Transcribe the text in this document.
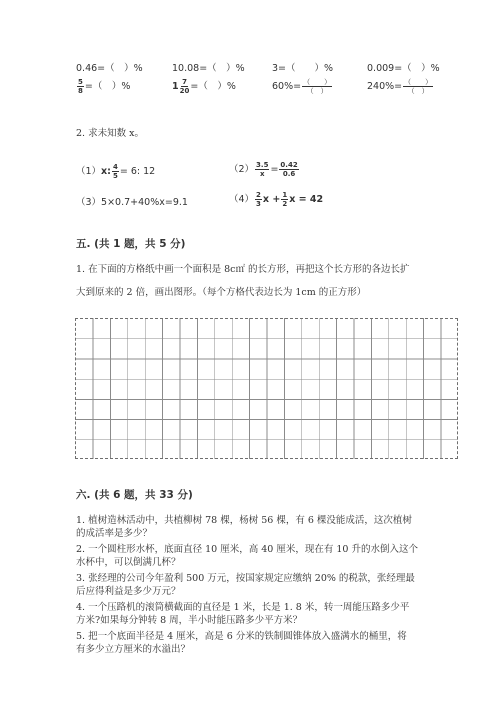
0.46=（　）%	10.08=（　）%	3=（　　）%	0.009=（　）%
$\frac{5}{8}$ =（　）%	$1 \frac{7}{20}$ =（　）%	$60\%= \frac{( )}{( )}$	$240\%= \frac{( )}{( )}$
2. 求未知数 x。
（1）x: $\frac{4}{5} = 6$: 12	$(2) \frac{3.5}{x} = \frac{0.42}{0.6}$
（3）5×0.7+40%x=9.1	$(4) \frac{2}{3}$ $x + \frac{1}{2}$ x = 42
五. (共 1 题，共 5 分)
1. 在下面的方格纸中画一个面积是 8c㎡ 的长方形，再把这个长方形的各边长扩
大到原来的 2 倍，画出图形。（每个方格代表边长为 1cm 的正方形）
六. (共 6 题，共 33 分)
1. 植树造林活动中，共植柳树 78 棵，杨树 56 棵，有 6 棵没能成活，这次植树
的成活率是多少？
2. 一个圆柱形水杯，底面直径 10 厘米，高 40 厘米，现在有 10 升的水倒入这个
水杯中，可以倒满几杯？
3. 张经理的公司今年盈利 500 万元，按国家规定应缴纳 20% 的税款，张经理最
后应得利益是多少万元？
4. 一个压路机的滚筒横截面的直径是 1 米，长是 1. 8 米，转一周能压路多少平
方米?如果每分钟转 8 周，半小时能压路多少平方米？
5. 把一个底面半径是 4 厘米，高是 6 分米的铁制圆锥体放入盛满水的桶里，将
有多少立方厘米的水溢出？
